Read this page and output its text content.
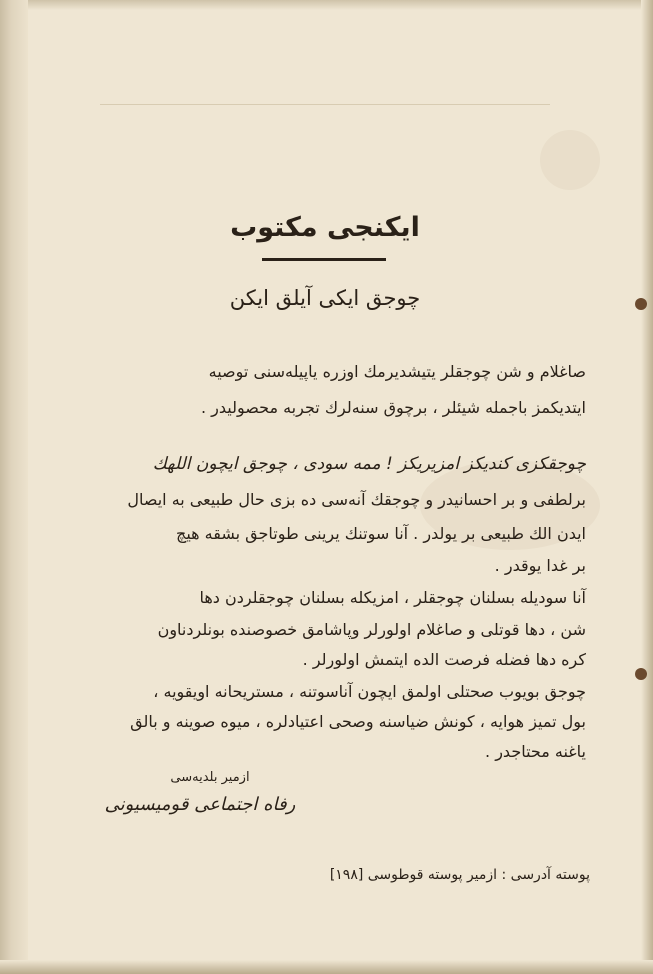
ایکنجی مکتوب
چوجق ایکی آیلق ایکن
صاغلام و شن چوجقلر یتیشدیرمك اوزره یاپیله‌سنی توصیه
ایتدیکمز باجمله شیئلر ، برچوق سنه‌لرك تجربه محصولیدر .
چوجقکزی کندیکز امزیریکز ! ممه سودی ، چوجق ایچون اللهك
برلطفی و بر احسانیدر و چوجقك آنه‌سی ده بزی حال طبیعی به ایصال
ایدن الك طبیعی بر یولدر . آنا سوتنك یرینی طوتاجق بشقه هیچ
بر غدا یوقدر .
آنا سودیله بسلنان چوجقلر ، امزیکله بسلنان چوجقلردن دها
شن ، دها قوتلی و صاغلام اولورلر وپاشامق خصوصنده بونلردناون
کره دها فضله فرصت الده ایتمش اولورلر .
چوجق بویوب صحتلی اولمق ایچون آناسوتنه ، مستریحانه اویقویه ،
بول تمیز هوایه ، کونش ضیاسنه وصحی اعتیادلره ، میوه صوینه و بالق
یاغنه محتاجدر .
ازمیر بلدیه‌سی
رفاه اجتماعی قومیسیونی
پوسته آدرسی : ازمیر پوسته قوطوسی [۱۹۸]
